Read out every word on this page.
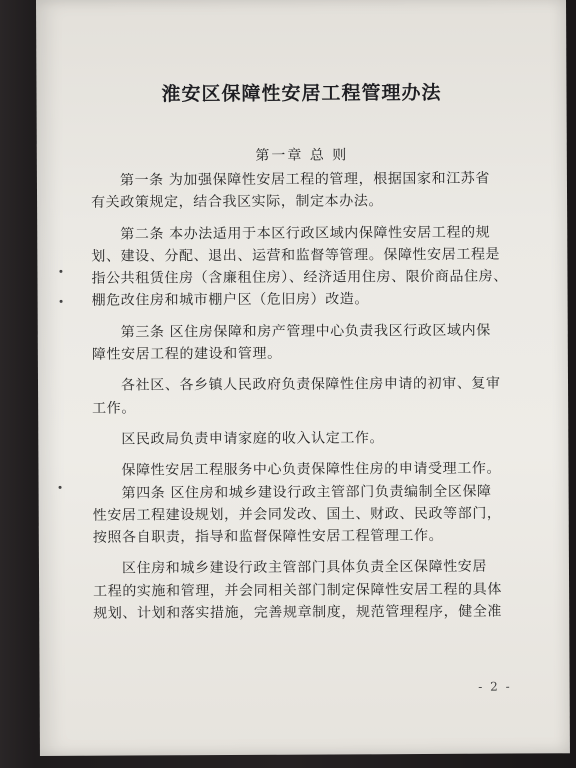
淮安区保障性安居工程管理办法
第一章 总 则
第一条 为加强保障性安居工程的管理，根据国家和江苏省
有关政策规定，结合我区实际，制定本办法。
第二条 本办法适用于本区行政区域内保障性安居工程的规
划、建设、分配、退出、运营和监督等管理。保障性安居工程是
指公共租赁住房（含廉租住房）、经济适用住房、限价商品住房、
棚危改住房和城市棚户区（危旧房）改造。
第三条 区住房保障和房产管理中心负责我区行政区域内保
障性安居工程的建设和管理。
各社区、各乡镇人民政府负责保障性住房申请的初审、复审
工作。
区民政局负责申请家庭的收入认定工作。
保障性安居工程服务中心负责保障性住房的申请受理工作。
第四条 区住房和城乡建设行政主管部门负责编制全区保障
性安居工程建设规划，并会同发改、国土、财政、民政等部门，
按照各自职责，指导和监督保障性安居工程管理工作。
区住房和城乡建设行政主管部门具体负责全区保障性安居
工程的实施和管理，并会同相关部门制定保障性安居工程的具体
规划、计划和落实措施，完善规章制度，规范管理程序，健全准
- 2 -
